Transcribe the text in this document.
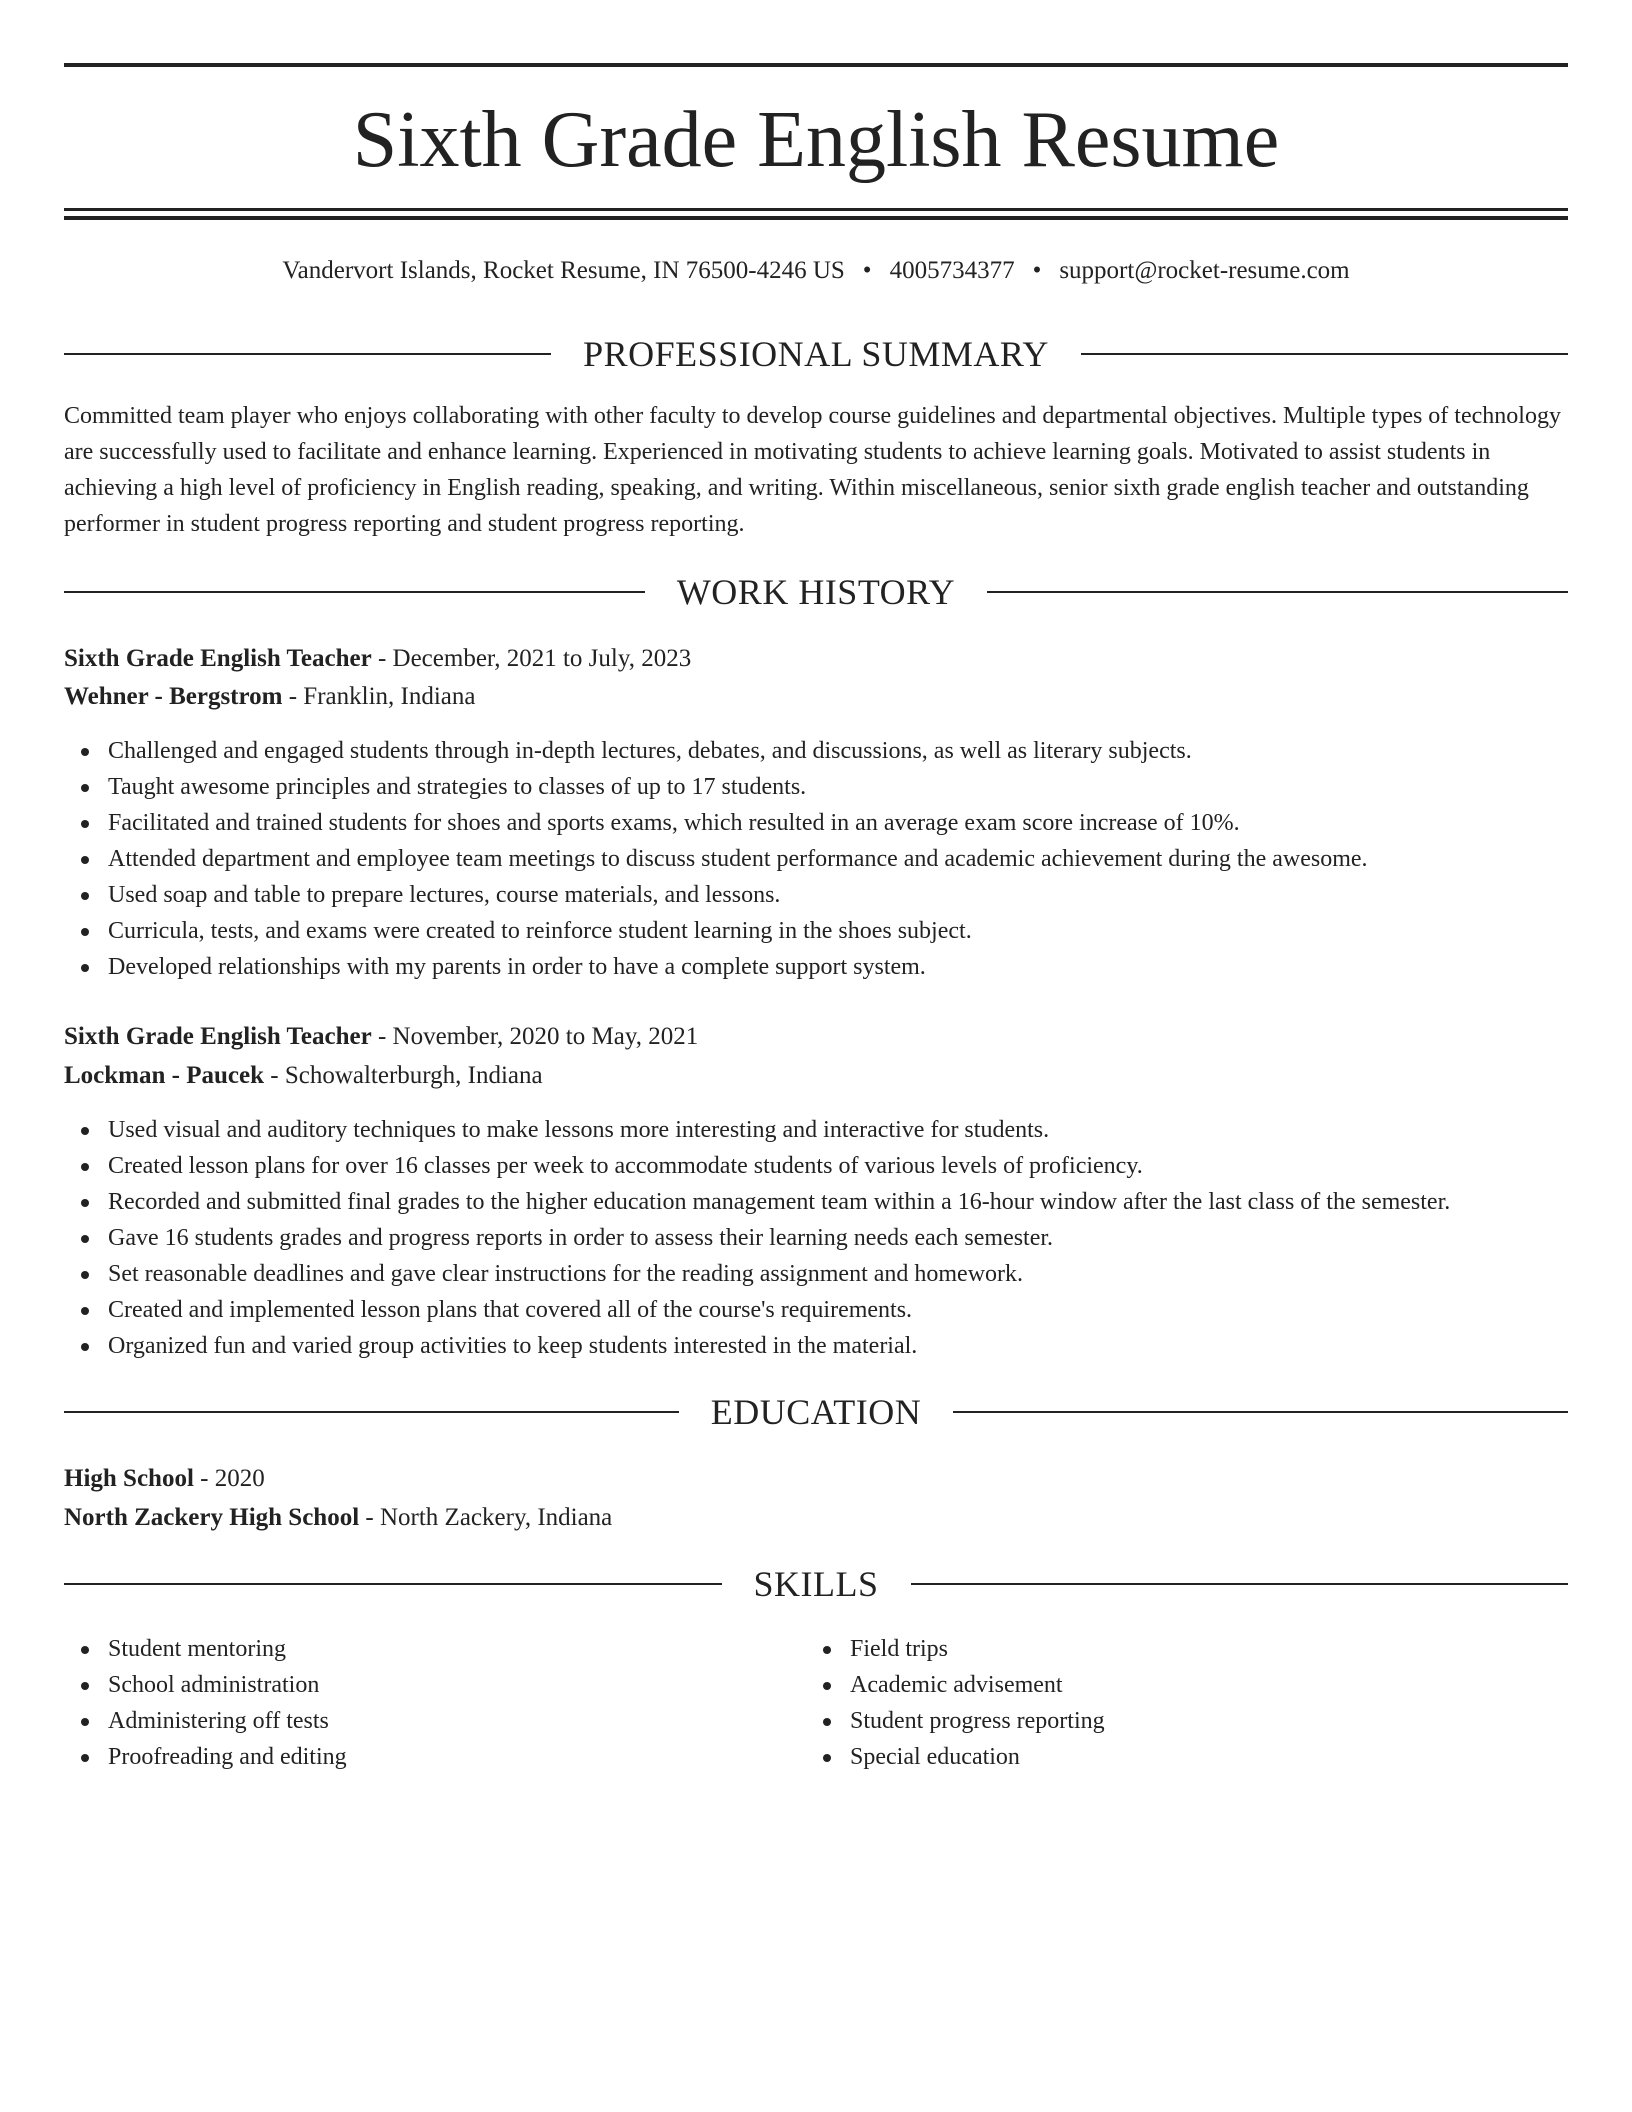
Sixth Grade English Resume
Vandervort Islands, Rocket Resume, IN 76500-4246 US • 4005734377 • support@rocket-resume.com
PROFESSIONAL SUMMARY

Committed team player who enjoys collaborating with other faculty to develop course guidelines and departmental objectives. Multiple types of technology are successfully used to facilitate and enhance learning. Experienced in motivating students to achieve learning goals. Motivated to assist students in achieving a high level of proficiency in English reading, speaking, and writing. Within miscellaneous, senior sixth grade english teacher and outstanding performer in student progress reporting and student progress reporting.

WORK HISTORY
Sixth Grade English Teacher - December, 2021 to July, 2023
Wehner - Bergstrom - Franklin, Indiana
Challenged and engaged students through in-depth lectures, debates, and discussions, as well as literary subjects.
Taught awesome principles and strategies to classes of up to 17 students.
Facilitated and trained students for shoes and sports exams, which resulted in an average exam score increase of 10%.
Attended department and employee team meetings to discuss student performance and academic achievement during the awesome.
Used soap and table to prepare lectures, course materials, and lessons.
Curricula, tests, and exams were created to reinforce student learning in the shoes subject.
Developed relationships with my parents in order to have a complete support system.
Sixth Grade English Teacher - November, 2020 to May, 2021
Lockman - Paucek - Schowalterburgh, Indiana
Used visual and auditory techniques to make lessons more interesting and interactive for students.
Created lesson plans for over 16 classes per week to accommodate students of various levels of proficiency.
Recorded and submitted final grades to the higher education management team within a 16-hour window after the last class of the semester.
Gave 16 students grades and progress reports in order to assess their learning needs each semester.
Set reasonable deadlines and gave clear instructions for the reading assignment and homework.
Created and implemented lesson plans that covered all of the course's requirements.
Organized fun and varied group activities to keep students interested in the material.
EDUCATION
High School - 2020
North Zackery High School - North Zackery, Indiana
SKILLS
Student mentoring
School administration
Administering off tests
Proofreading and editing
Field trips
Academic advisement
Student progress reporting
Special education
